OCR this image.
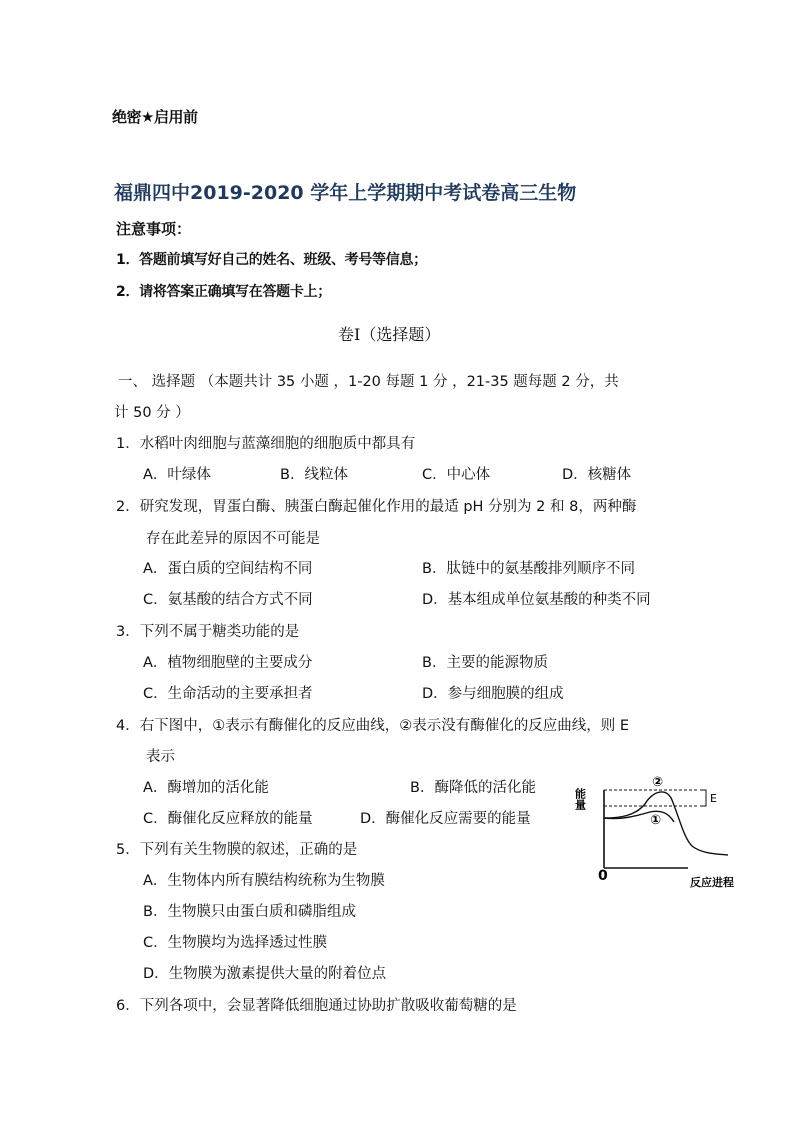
绝密★启用前
福鼎四中2019-2020 学年上学期期中考试卷高三生物
注意事项：
1．答题前填写好自己的姓名、班级、考号等信息；
2．请将答案正确填写在答题卡上；
卷I（选择题）
一、 选择题 （本题共计 35 小题 ，1-20 每题 1 分 ，21-35 题每题 2 分，共
计 50 分 ）
1．水稻叶肉细胞与蓝藻细胞的细胞质中都具有
A．叶绿体	B．线粒体	C．中心体	D．核糖体
2．研究发现，胃蛋白酶、胰蛋白酶起催化作用的最适 pH 分别为 2 和 8，两种酶
存在此差异的原因不可能是
A．蛋白质的空间结构不同	B．肽链中的氨基酸排列顺序不同
C．氨基酸的结合方式不同	D．基本组成单位氨基酸的种类不同
3．下列不属于糖类功能的是
A．植物细胞壁的主要成分	B．主要的能源物质
C．生命活动的主要承担者	D．参与细胞膜的组成
4．右下图中，①表示有酶催化的反应曲线，②表示没有酶催化的反应曲线，则 E
表示
A．酶增加的活化能	B．酶降低的活化能
C．酶催化反应释放的能量	D．酶催化反应需要的能量
5．下列有关生物膜的叙述，正确的是
A．生物体内所有膜结构统称为生物膜
B．生物膜只由蛋白质和磷脂组成
C．生物膜均为选择透过性膜
D．生物膜为激素提供大量的附着位点
6．下列各项中，会显著降低细胞通过协助扩散吸收葡萄糖的是
0
能量
反应进程
②
①
E
